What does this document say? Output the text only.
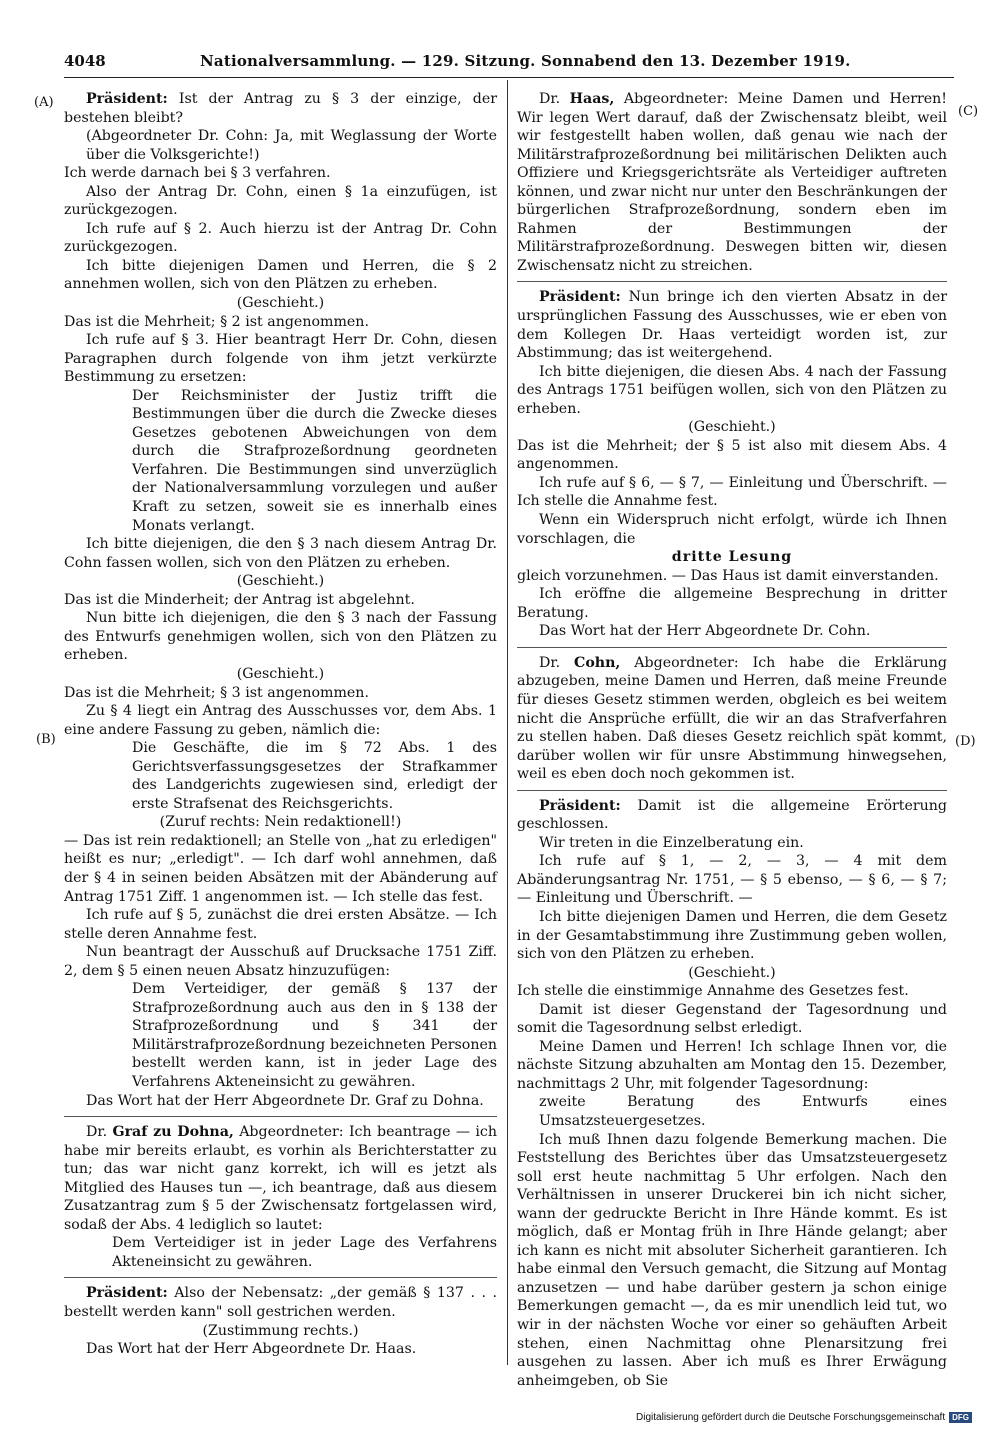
4048	Nationalversammlung. — 129. Sitzung. Sonnabend den 13. Dezember 1919.
(A)
(B)
(C)
(D)

Präsident: Ist der Antrag zu § 3 der einzige, der bestehen bleibt?

(Abgeordneter Dr. Cohn: Ja, mit Weglassung der Worte über die Volksgerichte!)

Ich werde darnach bei § 3 verfahren.

Also der Antrag Dr. Cohn, einen § 1a einzufügen, ist zurückgezogen.

Ich rufe auf § 2. Auch hierzu ist der Antrag Dr. Cohn zurückgezogen.

Ich bitte diejenigen Damen und Herren, die § 2 annehmen wollen, sich von den Plätzen zu erheben.

(Geschieht.)

Das ist die Mehrheit; § 2 ist angenommen.

Ich rufe auf § 3. Hier beantragt Herr Dr. Cohn, diesen Paragraphen durch folgende von ihm jetzt verkürzte Bestimmung zu ersetzen:

Der Reichsminister der Justiz trifft die Bestimmungen über die durch die Zwecke dieses Gesetzes gebotenen Abweichungen von dem durch die Strafprozeßordnung geordneten Verfahren. Die Bestimmungen sind unverzüglich der Nationalversammlung vorzulegen und außer Kraft zu setzen, soweit sie es innerhalb eines Monats verlangt.

Ich bitte diejenigen, die den § 3 nach diesem Antrag Dr. Cohn fassen wollen, sich von den Plätzen zu erheben.

(Geschieht.)

Das ist die Minderheit; der Antrag ist abgelehnt.

Nun bitte ich diejenigen, die den § 3 nach der Fassung des Entwurfs genehmigen wollen, sich von den Plätzen zu erheben.

(Geschieht.)

Das ist die Mehrheit; § 3 ist angenommen.

Zu § 4 liegt ein Antrag des Ausschusses vor, dem Abs. 1 eine andere Fassung zu geben, nämlich die:

Die Geschäfte, die im § 72 Abs. 1 des Gerichtsverfassungsgesetzes der Strafkammer des Landgerichts zugewiesen sind, erledigt der erste Strafsenat des Reichsgerichts.

(Zuruf rechts: Nein redaktionell!)

— Das ist rein redaktionell; an Stelle von „hat zu erledigen" heißt es nur; „erledigt". — Ich darf wohl annehmen, daß der § 4 in seinen beiden Absätzen mit der Abänderung auf Antrag 1751 Ziff. 1 angenommen ist. — Ich stelle das fest.

Ich rufe auf § 5, zunächst die drei ersten Absätze. — Ich stelle deren Annahme fest.

Nun beantragt der Ausschuß auf Drucksache 1751 Ziff. 2, dem § 5 einen neuen Absatz hinzuzufügen:

Dem Verteidiger, der gemäß § 137 der Strafprozeßordnung auch aus den in § 138 der Strafprozeßordnung und § 341 der Militärstrafprozeßordnung bezeichneten Personen bestellt werden kann, ist in jeder Lage des Verfahrens Akteneinsicht zu gewähren.

Das Wort hat der Herr Abgeordnete Dr. Graf zu Dohna.

Dr. Graf zu Dohna, Abgeordneter: Ich beantrage — ich habe mir bereits erlaubt, es vorhin als Berichterstatter zu tun; das war nicht ganz korrekt, ich will es jetzt als Mitglied des Hauses tun —, ich beantrage, daß aus diesem Zusatzantrag zum § 5 der Zwischensatz fortgelassen wird, sodaß der Abs. 4 lediglich so lautet:

Dem Verteidiger ist in jeder Lage des Verfahrens Akteneinsicht zu gewähren.

Präsident: Also der Nebensatz: „der gemäß § 137 . . . bestellt werden kann" soll gestrichen werden.

(Zustimmung rechts.)

Das Wort hat der Herr Abgeordnete Dr. Haas.

Dr. Haas, Abgeordneter: Meine Damen und Herren! Wir legen Wert darauf, daß der Zwischensatz bleibt, weil wir festgestellt haben wollen, daß genau wie nach der Militärstrafprozeßordnung bei militärischen Delikten auch Offiziere und Kriegsgerichtsräte als Verteidiger auftreten können, und zwar nicht nur unter den Beschränkungen der bürgerlichen Strafprozeßordnung, sondern eben im Rahmen der Bestimmungen der Militärstrafprozeßordnung. Deswegen bitten wir, diesen Zwischensatz nicht zu streichen.

Präsident: Nun bringe ich den vierten Absatz in der ursprünglichen Fassung des Ausschusses, wie er eben von dem Kollegen Dr. Haas verteidigt worden ist, zur Abstimmung; das ist weitergehend.

Ich bitte diejenigen, die diesen Abs. 4 nach der Fassung des Antrags 1751 beifügen wollen, sich von den Plätzen zu erheben.

(Geschieht.)

Das ist die Mehrheit; der § 5 ist also mit diesem Abs. 4 angenommen.

Ich rufe auf § 6, — § 7, — Einleitung und Überschrift. — Ich stelle die Annahme fest.

Wenn ein Widerspruch nicht erfolgt, würde ich Ihnen vorschlagen, die

dritte Lesung

gleich vorzunehmen. — Das Haus ist damit einverstanden.

Ich eröffne die allgemeine Besprechung in dritter Beratung.

Das Wort hat der Herr Abgeordnete Dr. Cohn.

Dr. Cohn, Abgeordneter: Ich habe die Erklärung abzugeben, meine Damen und Herren, daß meine Freunde für dieses Gesetz stimmen werden, obgleich es bei weitem nicht die Ansprüche erfüllt, die wir an das Strafverfahren zu stellen haben. Daß dieses Gesetz reichlich spät kommt, darüber wollen wir für unsre Abstimmung hinwegsehen, weil es eben doch noch gekommen ist.

Präsident: Damit ist die allgemeine Erörterung geschlossen.

Wir treten in die Einzelberatung ein.

Ich rufe auf § 1, — 2, — 3, — 4 mit dem Abänderungsantrag Nr. 1751, — § 5 ebenso, — § 6, — § 7; — Einleitung und Überschrift. —

Ich bitte diejenigen Damen und Herren, die dem Gesetz in der Gesamtabstimmung ihre Zustimmung geben wollen, sich von den Plätzen zu erheben.

(Geschieht.)

Ich stelle die einstimmige Annahme des Gesetzes fest.

Damit ist dieser Gegenstand der Tagesordnung und somit die Tagesordnung selbst erledigt.

Meine Damen und Herren! Ich schlage Ihnen vor, die nächste Sitzung abzuhalten am Montag den 15. Dezember, nachmittags 2 Uhr, mit folgender Tagesordnung:

zweite Beratung des Entwurfs eines Umsatzsteuergesetzes.

Ich muß Ihnen dazu folgende Bemerkung machen. Die Feststellung des Berichtes über das Umsatzsteuergesetz soll erst heute nachmittag 5 Uhr erfolgen. Nach den Verhältnissen in unserer Druckerei bin ich nicht sicher, wann der gedruckte Bericht in Ihre Hände kommt. Es ist möglich, daß er Montag früh in Ihre Hände gelangt; aber ich kann es nicht mit absoluter Sicherheit garantieren. Ich habe einmal den Versuch gemacht, die Sitzung auf Montag anzusetzen — und habe darüber gestern ja schon einige Bemerkungen gemacht —, da es mir unendlich leid tut, wo wir in der nächsten Woche vor einer so gehäuften Arbeit stehen, einen Nachmittag ohne Plenarsitzung frei ausgehen zu lassen. Aber ich muß es Ihrer Erwägung anheimgeben, ob Sie

Digitalisierung gefördert durch die Deutsche Forschungsgemeinschaft DFG
